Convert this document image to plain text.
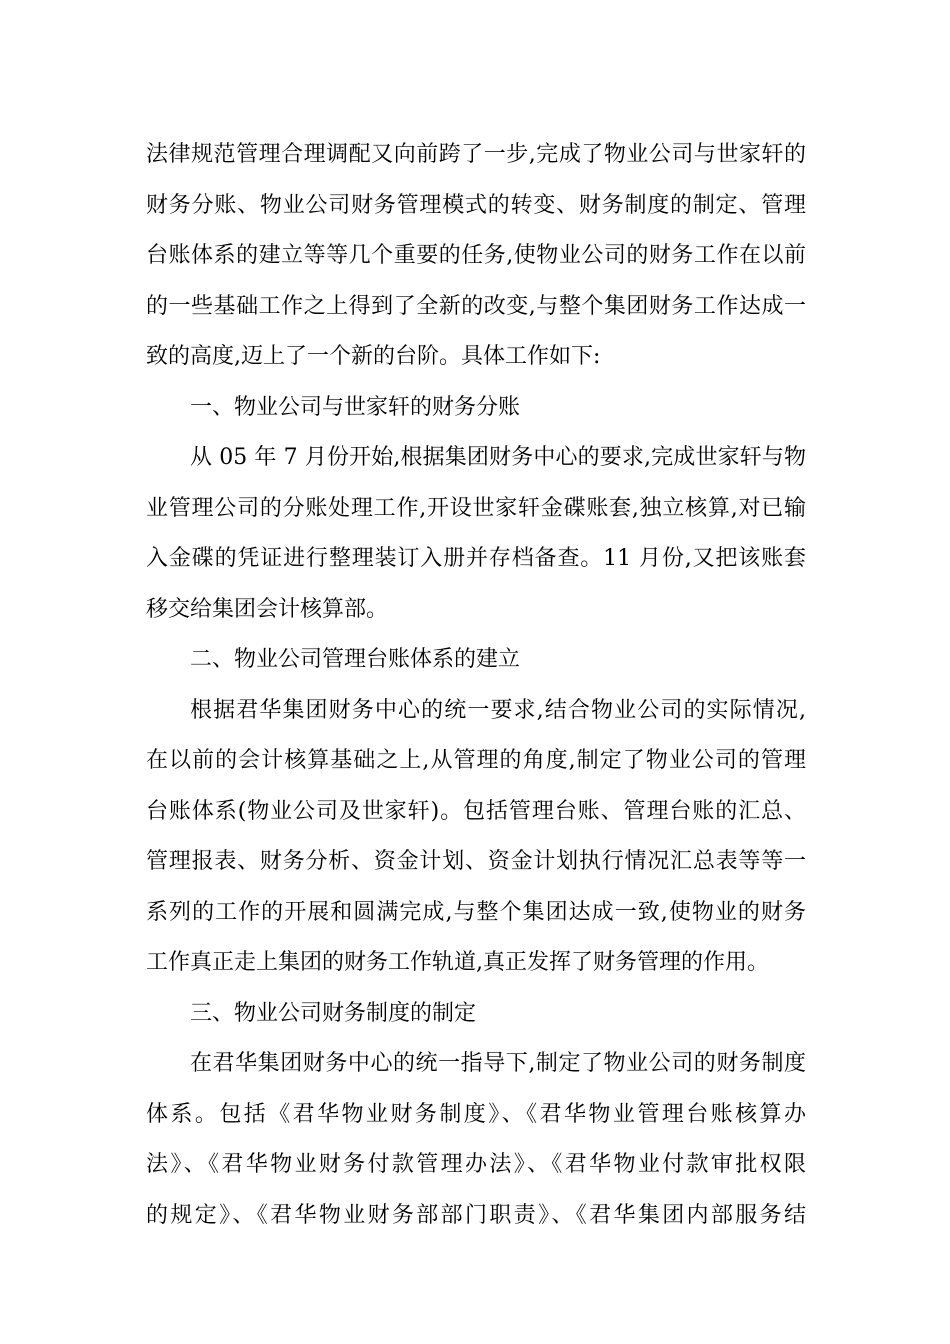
法律规范管理合理调配又向前跨了一步,完成了物业公司与世家轩的
财务分账、物业公司财务管理模式的转变、财务制度的制定、管理
台账体系的建立等等几个重要的任务,使物业公司的财务工作在以前
的一些基础工作之上得到了全新的改变,与整个集团财务工作达成一
致的高度,迈上了一个新的台阶。具体工作如下:
一、物业公司与世家轩的财务分账
从 05 年 7 月份开始,根据集团财务中心的要求,完成世家轩与物
业管理公司的分账处理工作,开设世家轩金碟账套,独立核算,对已输
入金碟的凭证进行整理装订入册并存档备查。11 月份,又把该账套
移交给集团会计核算部。
二、物业公司管理台账体系的建立
根据君华集团财务中心的统一要求,结合物业公司的实际情况,
在以前的会计核算基础之上,从管理的角度,制定了物业公司的管理
台账体系(物业公司及世家轩)。包括管理台账、管理台账的汇总、
管理报表、财务分析、资金计划、资金计划执行情况汇总表等等一
系列的工作的开展和圆满完成,与整个集团达成一致,使物业的财务
工作真正走上集团的财务工作轨道,真正发挥了财务管理的作用。
三、物业公司财务制度的制定
在君华集团财务中心的统一指导下,制定了物业公司的财务制度
体系。包括《君华物业财务制度》、《君华物业管理台账核算办
法》、《君华物业财务付款管理办法》、《君华物业付款审批权限
的规定》、《君华物业财务部部门职责》、《君华集团内部服务结
